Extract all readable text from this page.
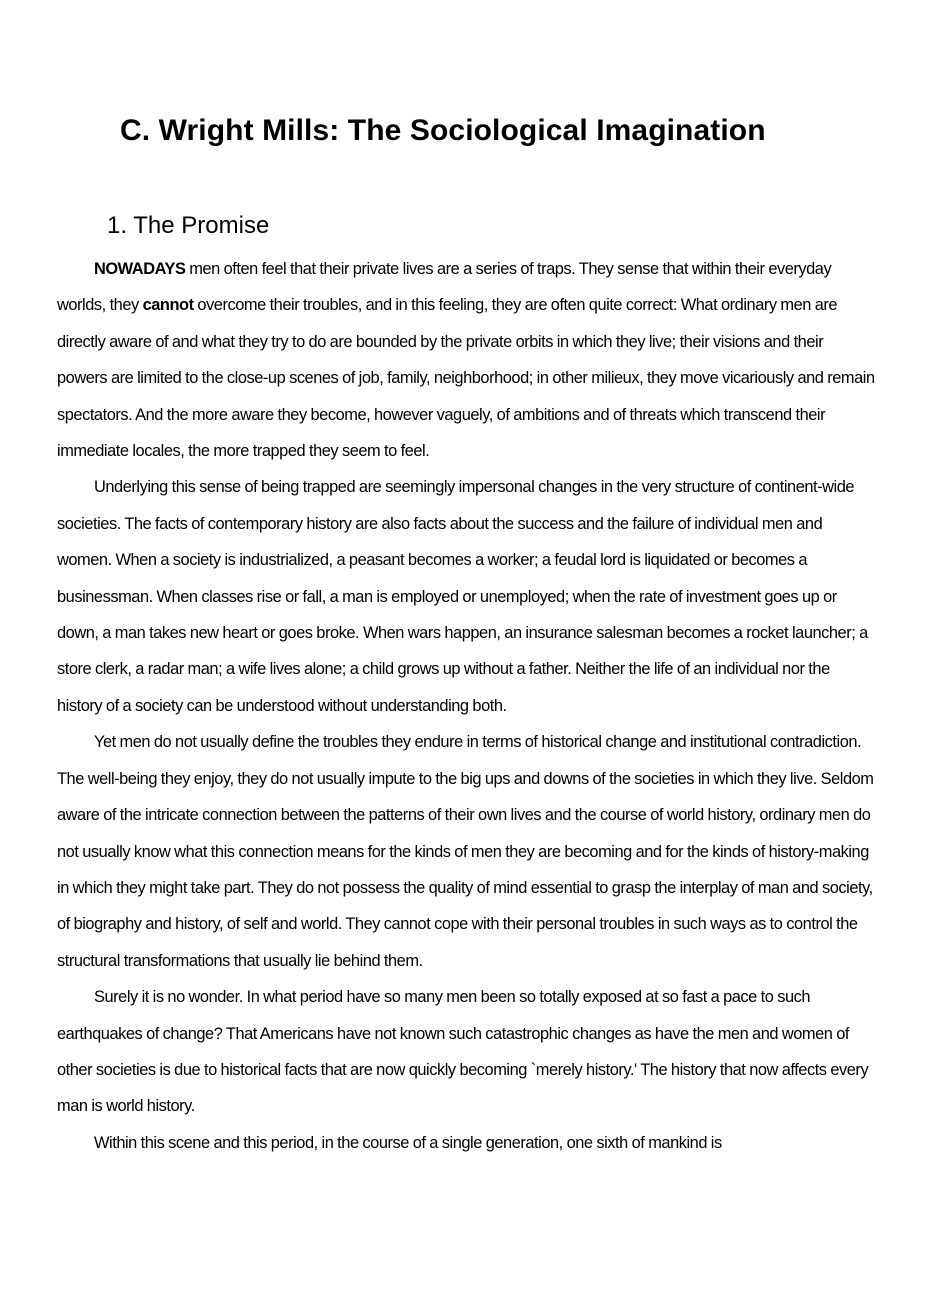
C. Wright Mills: The Sociological Imagination
1. The Promise

NOWADAYS men often feel that their private lives are a series of traps. They sense that within their everyday worlds, they cannot overcome their troubles, and in this feeling, they are often quite correct: What ordinary men are directly aware of and what they try to do are bounded by the private orbits in which they live; their visions and their powers are limited to the close-up scenes of job, family, neighborhood; in other milieux, they move vicariously and remain spectators. And the more aware they become, however vaguely, of ambitions and of threats which transcend their immediate locales, the more trapped they seem to feel.

Underlying this sense of being trapped are seemingly impersonal changes in the very structure of continent-wide societies. The facts of contemporary history are also facts about the success and the failure of individual men and women. When a society is industrialized, a peasant becomes a worker; a feudal lord is liquidated or becomes a businessman. When classes rise or fall, a man is employed or unemployed; when the rate of investment goes up or down, a man takes new heart or goes broke. When wars happen, an insurance salesman becomes a rocket launcher; a store clerk, a radar man; a wife lives alone; a child grows up without a father. Neither the life of an individual nor the history of a society can be understood without understanding both.

Yet men do not usually define the troubles they endure in terms of historical change and institutional contradiction. The well-being they enjoy, they do not usually impute to the big ups and downs of the societies in which they live. Seldom aware of the intricate connection between the patterns of their own lives and the course of world history, ordinary men do not usually know what this connection means for the kinds of men they are becoming and for the kinds of history-making in which they might take part. They do not possess the quality of mind essential to grasp the interplay of man and society, of biography and history, of self and world. They cannot cope with their personal troubles in such ways as to control the structural transformations that usually lie behind them.

Surely it is no wonder. In what period have so many men been so totally exposed at so fast a pace to such earthquakes of change? That Americans have not known such catastrophic changes as have the men and women of other societies is due to historical facts that are now quickly becoming `merely history.' The history that now affects every man is world history.

Within this scene and this period, in the course of a single generation, one sixth of mankind is
